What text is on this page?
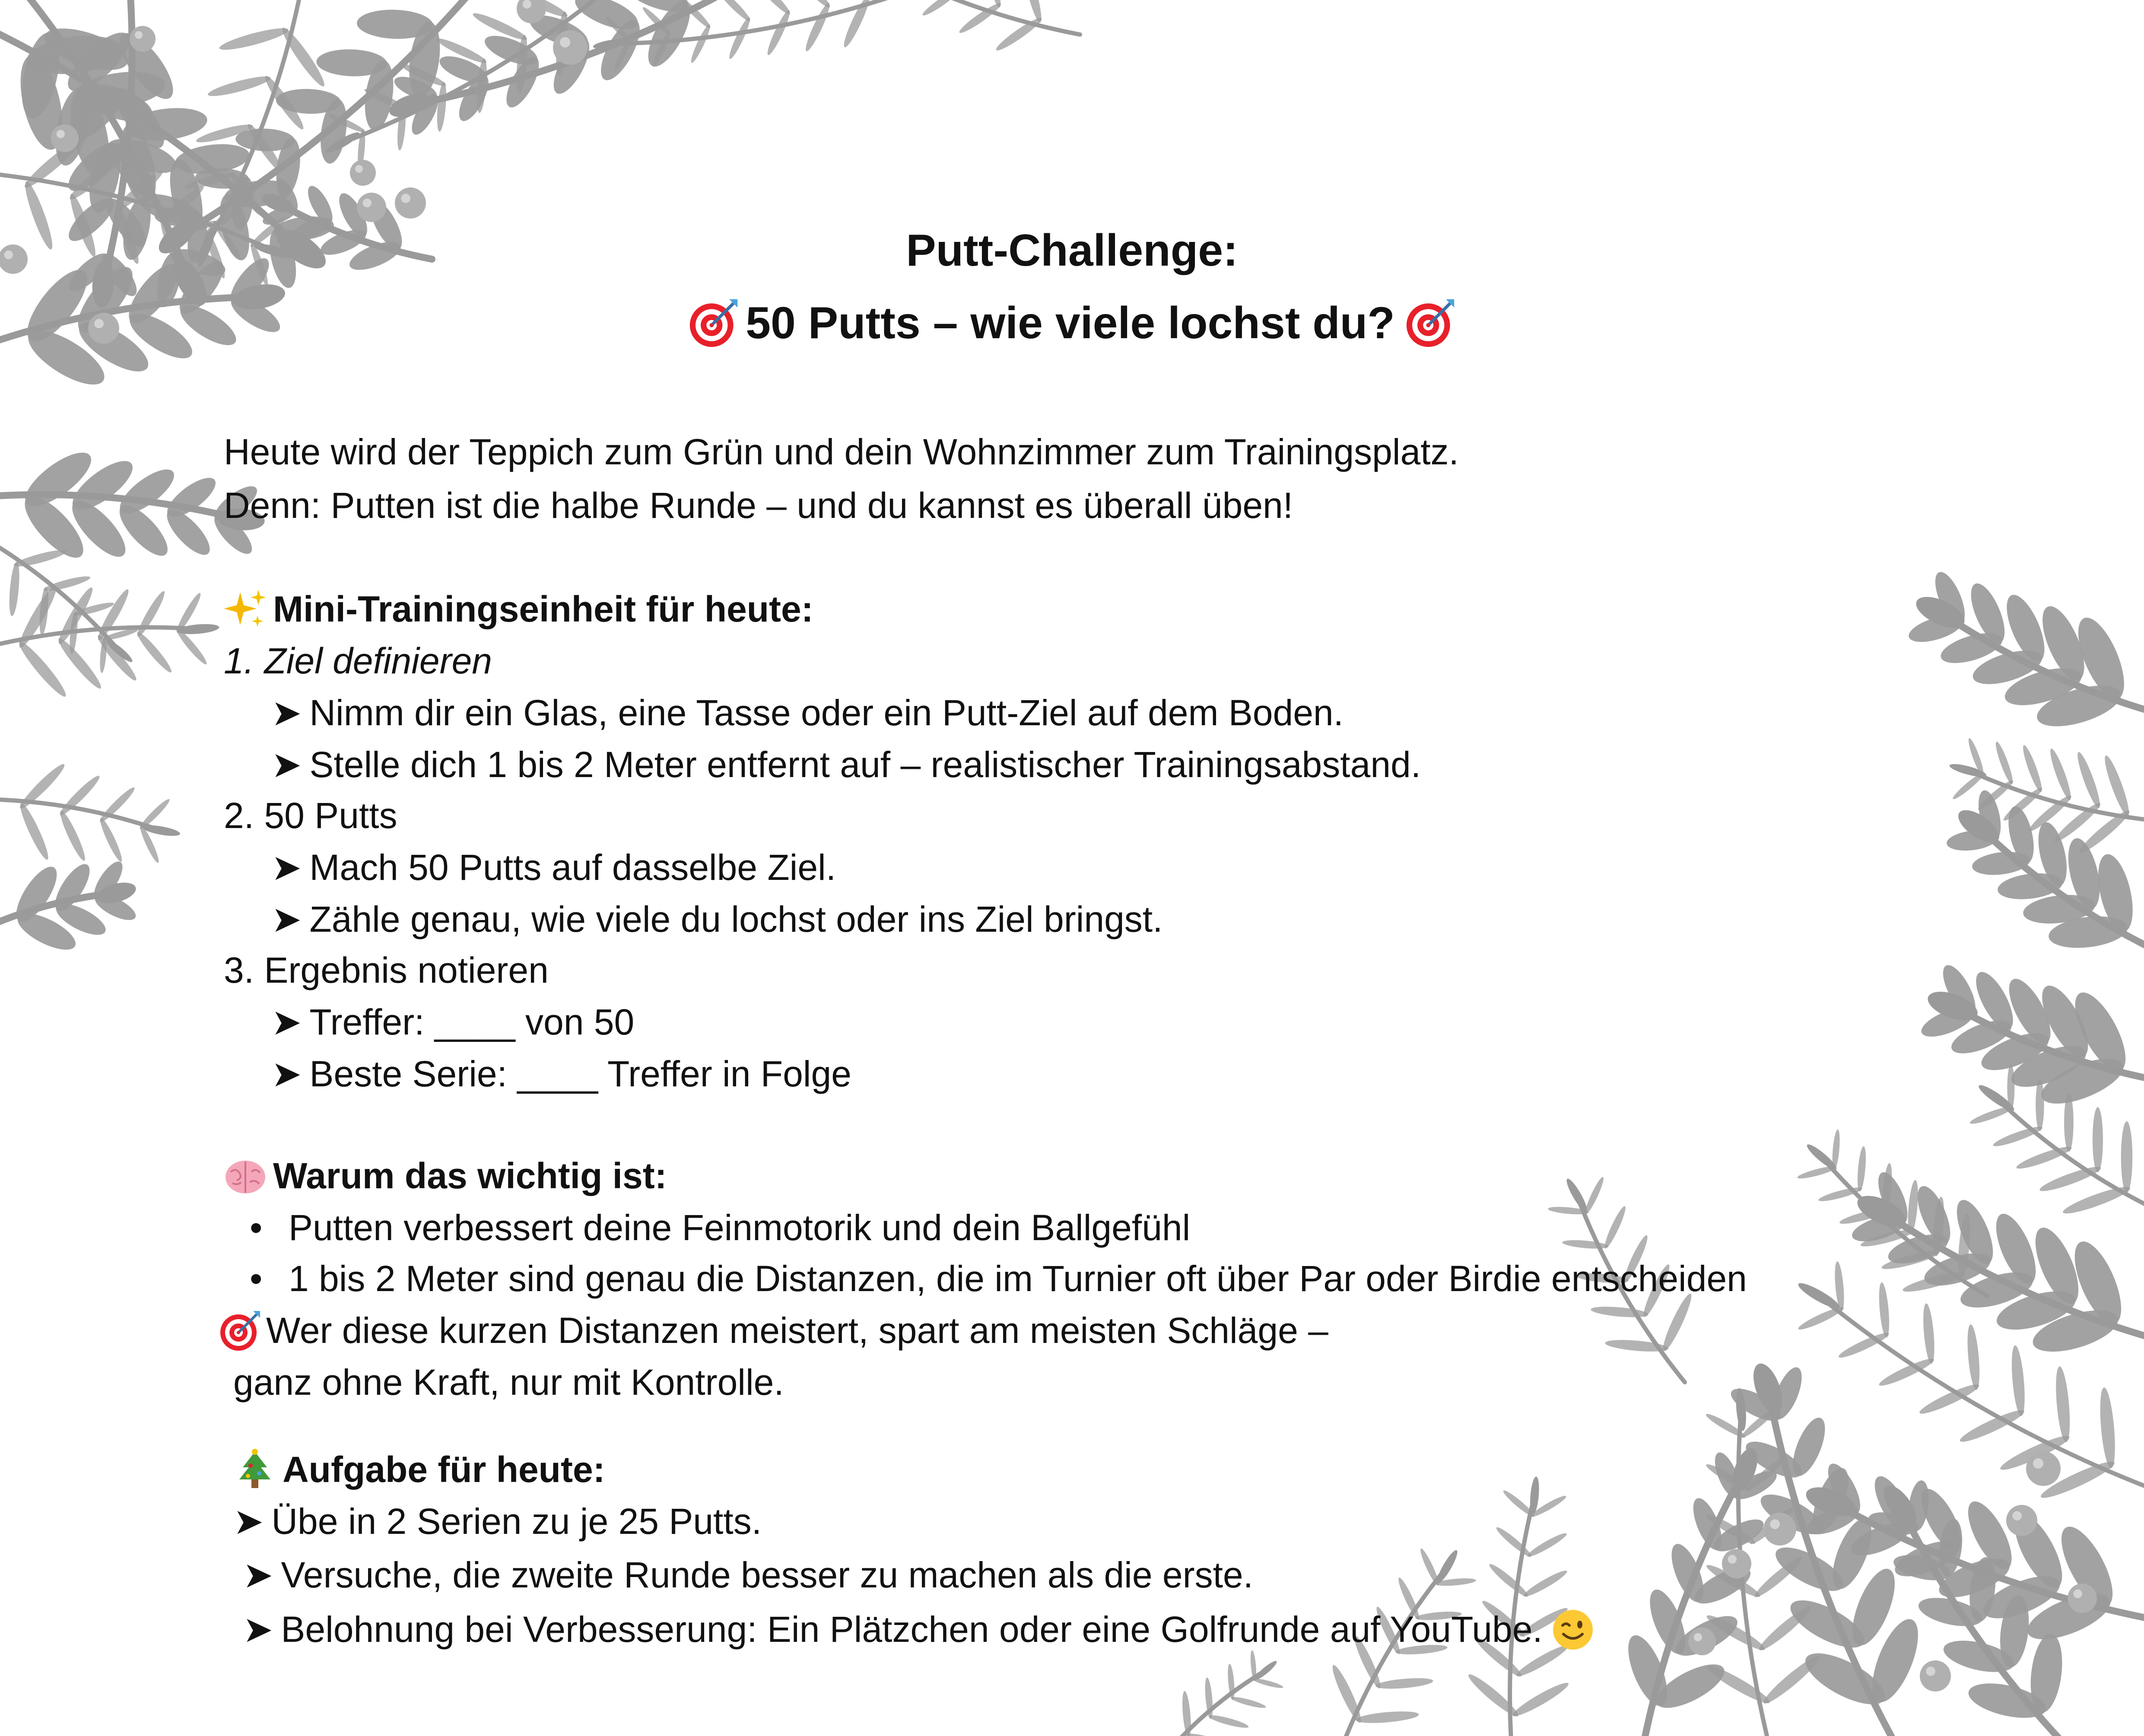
Putt-Challenge:
50 Putts – wie viele lochst du?
Heute wird der Teppich zum Grün und dein Wohnzimmer zum Trainingsplatz.
Denn: Putten ist die halbe Runde – und du kannst es überall üben!
Mini-Trainingseinheit für heute:
1. Ziel definieren
➤ Nimm dir ein Glas, eine Tasse oder ein Putt-Ziel auf dem Boden.
➤ Stelle dich 1 bis 2 Meter entfernt auf – realistischer Trainingsabstand.
2. 50 Putts
➤ Mach 50 Putts auf dasselbe Ziel.
➤ Zähle genau, wie viele du lochst oder ins Ziel bringst.
3. Ergebnis notieren
➤ Treffer: ____ von 50
➤ Beste Serie: ____ Treffer in Folge
Warum das wichtig ist:
• Putten verbessert deine Feinmotorik und dein Ballgefühl
• 1 bis 2 Meter sind genau die Distanzen, die im Turnier oft über Par oder Birdie entscheiden
Wer diese kurzen Distanzen meistert, spart am meisten Schläge –
ganz ohne Kraft, nur mit Kontrolle.
Aufgabe für heute:
➤ Übe in 2 Serien zu je 25 Putts.
➤ Versuche, die zweite Runde besser zu machen als die erste.
➤ Belohnung bei Verbesserung: Ein Plätzchen oder eine Golfrunde auf YouTube.
